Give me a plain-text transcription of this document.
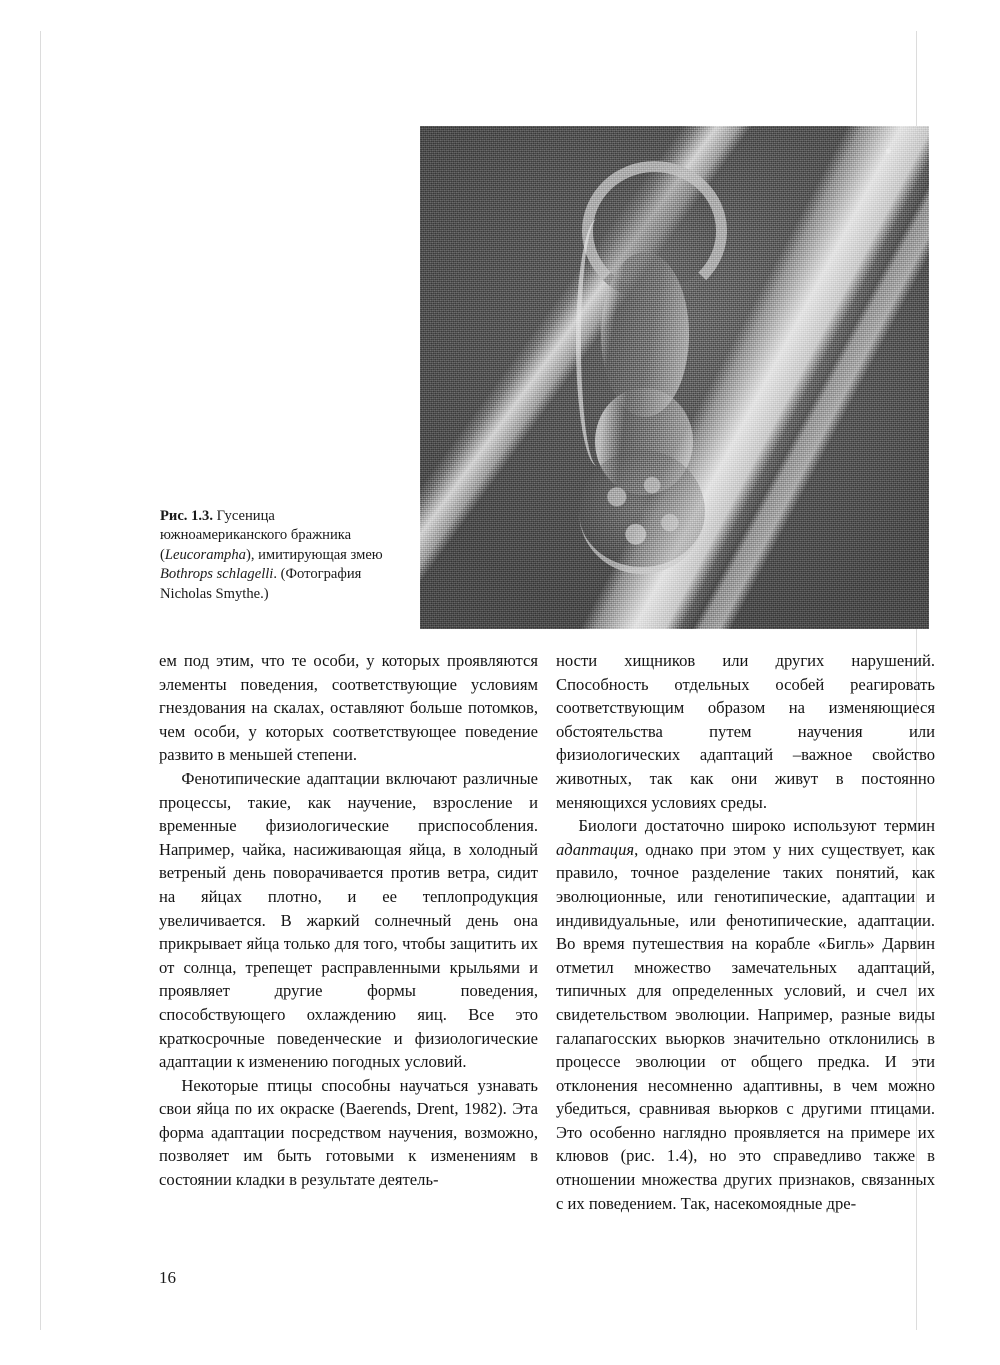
Рис. 1.3. Гусеница южноамериканского бражника (Leucorampha), имитирующая змею Bothrops schlagelli. (Фотография Nicholas Smythe.)

ем под этим, что те особи, у которых проявляются элементы поведения, соответствующие условиям гнездования на скалах, оставляют больше потомков, чем особи, у которых соответствующее поведение развито в меньшей степени.

Фенотипические адаптации включают различные процессы, такие, как научение, взросление и временные физиологические приспособления. Например, чайка, насиживающая яйца, в холодный ветреный день поворачивается против ветра, сидит на яйцах плотно, и ее теплопродукция увеличивается. В жаркий солнечный день она прикрывает яйца только для того, чтобы защитить их от солнца, трепещет расправленными крыльями и проявляет другие формы поведения, способствующего охлаждению яиц. Все это краткосрочные поведенческие и физиологические адаптации к изменению погодных условий.

Некоторые птицы способны научаться узнавать свои яйца по их окраске (Baerends, Drent, 1982). Эта форма адаптации посредством научения, возможно, позволяет им быть готовыми к изменениям в состоянии кладки в результате деятель-

ности хищников или других нарушений. Способность отдельных особей реагировать соответствующим образом на изменяющиеся обстоятельства путем научения или физиологических адаптаций –важное свойство животных, так как они живут в постоянно меняющихся условиях среды.

Биологи достаточно широко используют термин адаптация, однако при этом у них существует, как правило, точное разделение таких понятий, как эволюционные, или генотипические, адаптации и индивидуальные, или фенотипические, адаптации. Во время путешествия на корабле «Бигль» Дарвин отметил множество замечательных адаптаций, типичных для определенных условий, и счел их свидетельством эволюции. Например, разные виды галапагосских вьюрков значительно отклонились в процессе эволюции от общего предка. И эти отклонения несомненно адаптивны, в чем можно убедиться, сравнивая вьюрков с другими птицами. Это особенно наглядно проявляется на примере их клювов (рис. 1.4), но это справедливо также в отношении множества других признаков, связанных с их поведением. Так, насекомоядные дре-

16
